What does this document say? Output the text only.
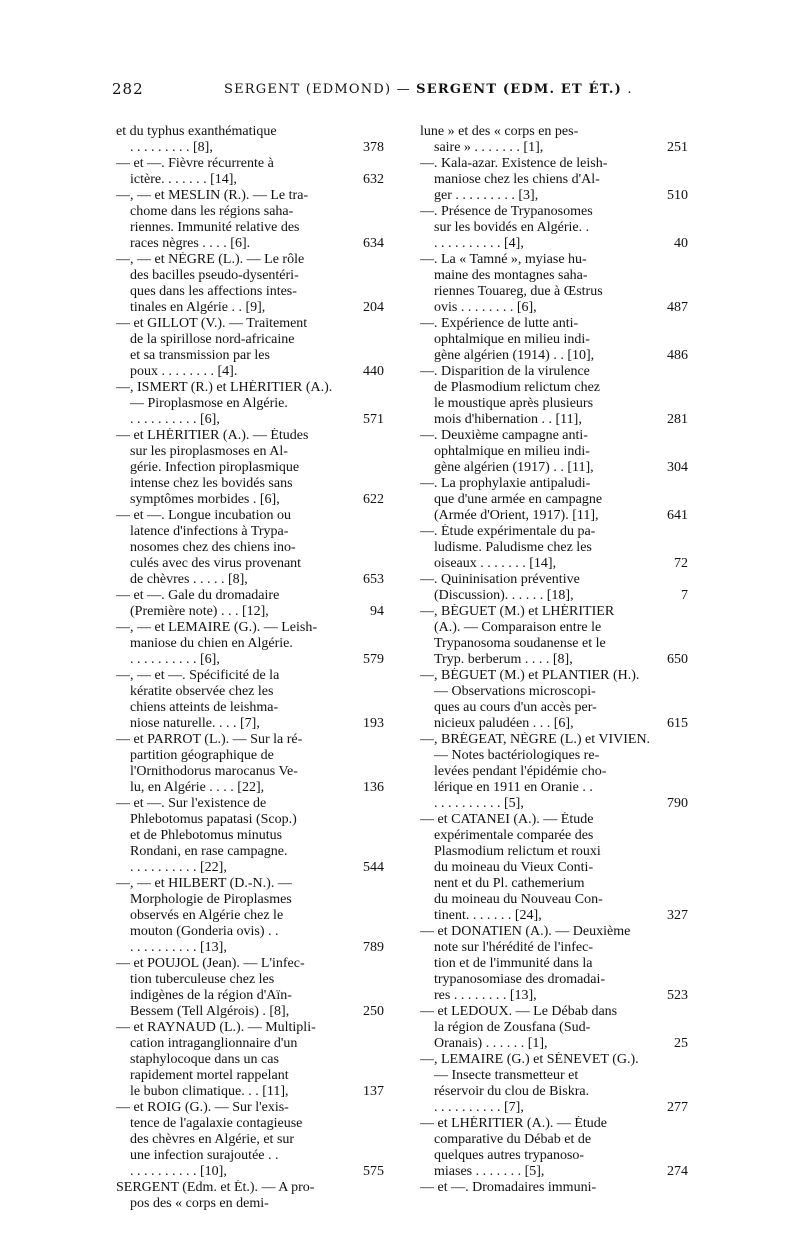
282	SERGENT (EDMOND) — SERGENT (EDM. ET ÉT.) .
et du typhus exanthématique
. . . . . . . . . [8],
— et —. Fièvre récurrente à
ictère. . . . . . . [14],
—, — et MESLIN (R.). — Le tra-
chome dans les régions saha-
riennes. Immunité relative des
races nègres . . . . [6].
—, — et NÈGRE (L.). — Le rôle
des bacilles pseudo-dysentéri-
ques dans les affections intes-
tinales en Algérie . . [9],
— et GILLOT (V.). — Traitement
de la spirillose nord-africaine
et sa transmission par les
poux . . . . . . . . [4].
—, ISMERT (R.) et LHÉRITIER (A.).
— Piroplasmose en Algérie.
. . . . . . . . . . [6],
— et LHÉRITIER (A.). — Études
sur les piroplasmoses en Al-
gérie. Infection piroplasmique
intense chez les bovidés sans
symptômes morbides . [6],
— et —. Longue incubation ou
latence d'infections à Trypa-
nosomes chez des chiens ino-
culés avec des virus provenant
de chèvres . . . . . [8],
— et —. Gale du dromadaire
(Première note) . . . [12],
—, — et LEMAIRE (G.). — Leish-
maniose du chien en Algérie.
. . . . . . . . . . [6],
—, — et —. Spécificité de la
kératite observée chez les
chiens atteints de leishma-
niose naturelle. . . . [7],
— et PARROT (L.). — Sur la ré-
partition géographique de
l'Ornithodorus marocanus Ve-
lu, en Algérie . . . . [22],
— et —. Sur l'existence de
Phlebotomus papatasi (Scop.)
et de Phlebotomus minutus
Rondani, en rase campagne.
. . . . . . . . . . [22],
—, — et HILBERT (D.-N.). —
Morphologie de Piroplasmes
observés en Algérie chez le
mouton (Gonderia ovis) . .
. . . . . . . . . . [13],
— et POUJOL (Jean). — L'infec-
tion tuberculeuse chez les
indigènes de la région d'Aïn-
Bessem (Tell Algérois) . [8],
— et RAYNAUD (L.). — Multipli-
cation intraganglionnaire d'un
staphylocoque dans un cas
rapidement mortel rappelant
le bubon climatique. . . [11],
— et ROIG (G.). — Sur l'exis-
tence de l'agalaxie contagieuse
des chèvres en Algérie, et sur
une infection surajoutée . .
. . . . . . . . . . [10],
SERGENT (Edm. et Ét.). — A pro-
pos des « corps en demi-
378
632
634
204
440
571
622
653
94
579
193
136
544
789
250
137
575
lune » et des « corps en pes-
saire » . . . . . . . [1],
—. Kala-azar. Existence de leish-
maniose chez les chiens d'Al-
ger . . . . . . . . . [3],
—. Présence de Trypanosomes
sur les bovidés en Algérie. .
. . . . . . . . . . [4],
—. La « Tamné », myiase hu-
maine des montagnes saha-
riennes Touareg, due à Œstrus
ovis . . . . . . . . [6],
—. Expérience de lutte anti-
ophtalmique en milieu indi-
gène algérien (1914) . . [10],
—. Disparition de la virulence
de Plasmodium relictum chez
le moustique après plusieurs
mois d'hibernation . . [11],
—. Deuxième campagne anti-
ophtalmique en milieu indi-
gène algérien (1917) . . [11],
—. La prophylaxie antipaludi-
que d'une armée en campagne
(Armée d'Orient, 1917). [11],
—. Étude expérimentale du pa-
ludisme. Paludisme chez les
oiseaux . . . . . . . [14],
—. Quininisation préventive
(Discussion). . . . . . [18],
—, BÉGUET (M.) et LHÉRITIER
(A.). — Comparaison entre le
Trypanosoma soudanense et le
Tryp. berberum . . . . [8],
—, BÉGUET (M.) et PLANTIER (H.).
— Observations microscopi-
ques au cours d'un accès per-
nicieux paludéen . . . [6],
—, BRÉGEAT, NÈGRE (L.) et VIVIEN.
— Notes bactériologiques re-
levées pendant l'épidémie cho-
lérique en 1911 en Oranie . .
. . . . . . . . . . [5],
— et CATANEI (A.). — Étude
expérimentale comparée des
Plasmodium relictum et rouxi
du moineau du Vieux Conti-
nent et du Pl. cathemerium
du moineau du Nouveau Con-
tinent. . . . . . . [24],
— et DONATIEN (A.). — Deuxième
note sur l'hérédité de l'infec-
tion et de l'immunité dans la
trypanosomiase des dromadai-
res . . . . . . . . [13],
— et LEDOUX. — Le Débab dans
la région de Zousfana (Sud-
Oranais) . . . . . . [1],
—, LEMAIRE (G.) et SÉNEVET (G.).
— Insecte transmetteur et
réservoir du clou de Biskra.
. . . . . . . . . . [7],
— et LHÉRITIER (A.). — Étude
comparative du Débab et de
quelques autres trypanoso-
miases . . . . . . . [5],
— et —. Dromadaires immuni-
251
510
40
487
486
281
304
641
72
7
650
615
790
327
523
25
277
274
